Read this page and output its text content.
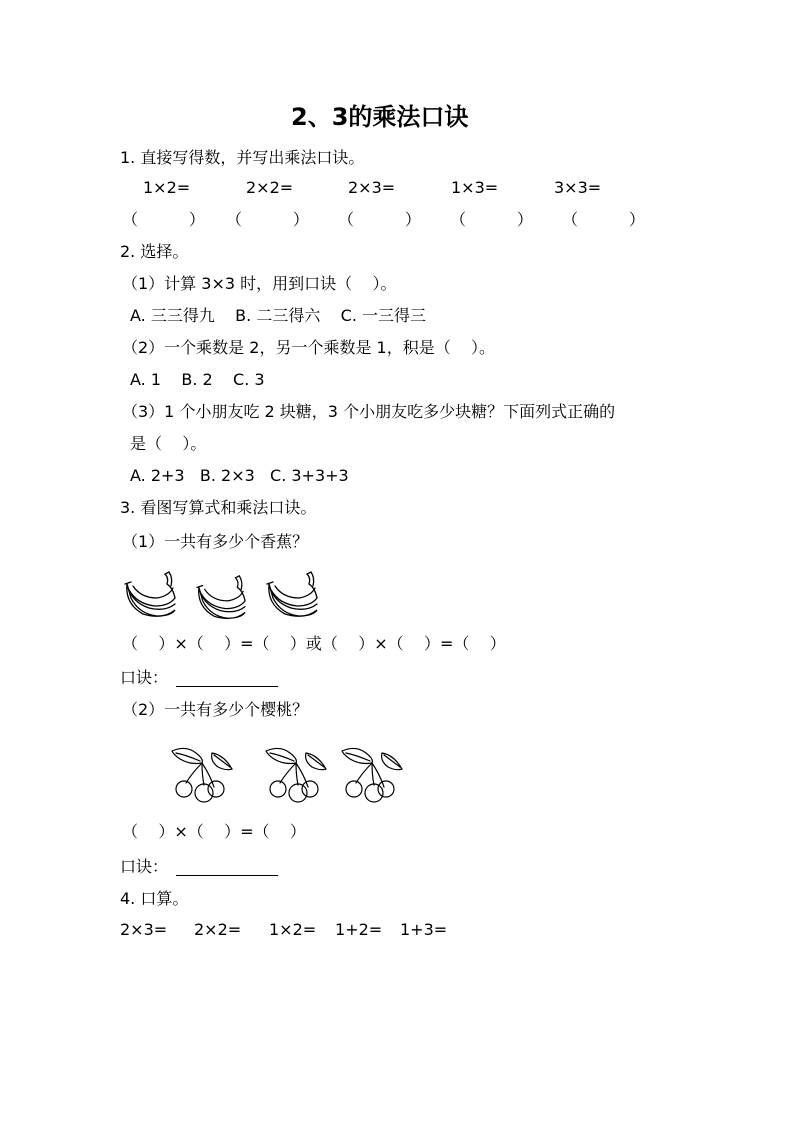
2、3的乘法口诀
1. 直接写得数，并写出乘法口诀。
1×2=	2×2=	2×3=	1×3=	3×3=
（          ） （          ） （          ） （          ） （          ）
2. 选择。
（1）计算 3×3 时，用到口诀（    ）。
A. 三三得九    B. 二三得六    C. 一三得三
（2）一个乘数是 2，另一个乘数是 1，积是（    ）。
A. 1    B. 2    C. 3
（3）1 个小朋友吃 2 块糖，3 个小朋友吃多少块糖？下面列式正确的
是（    ）。
A. 2+3   B. 2×3   C. 3+3+3
3. 看图写算式和乘法口诀。
（1）一共有多少个香蕉？
（    ）×（    ）=（    ）或（    ）×（    ）=（    ）
口诀：
（2）一共有多少个樱桃？
（    ）×（    ）=（    ）
口诀：
4. 口算。
2×3= 2×2= 1×2= 1+2= 1+3=
